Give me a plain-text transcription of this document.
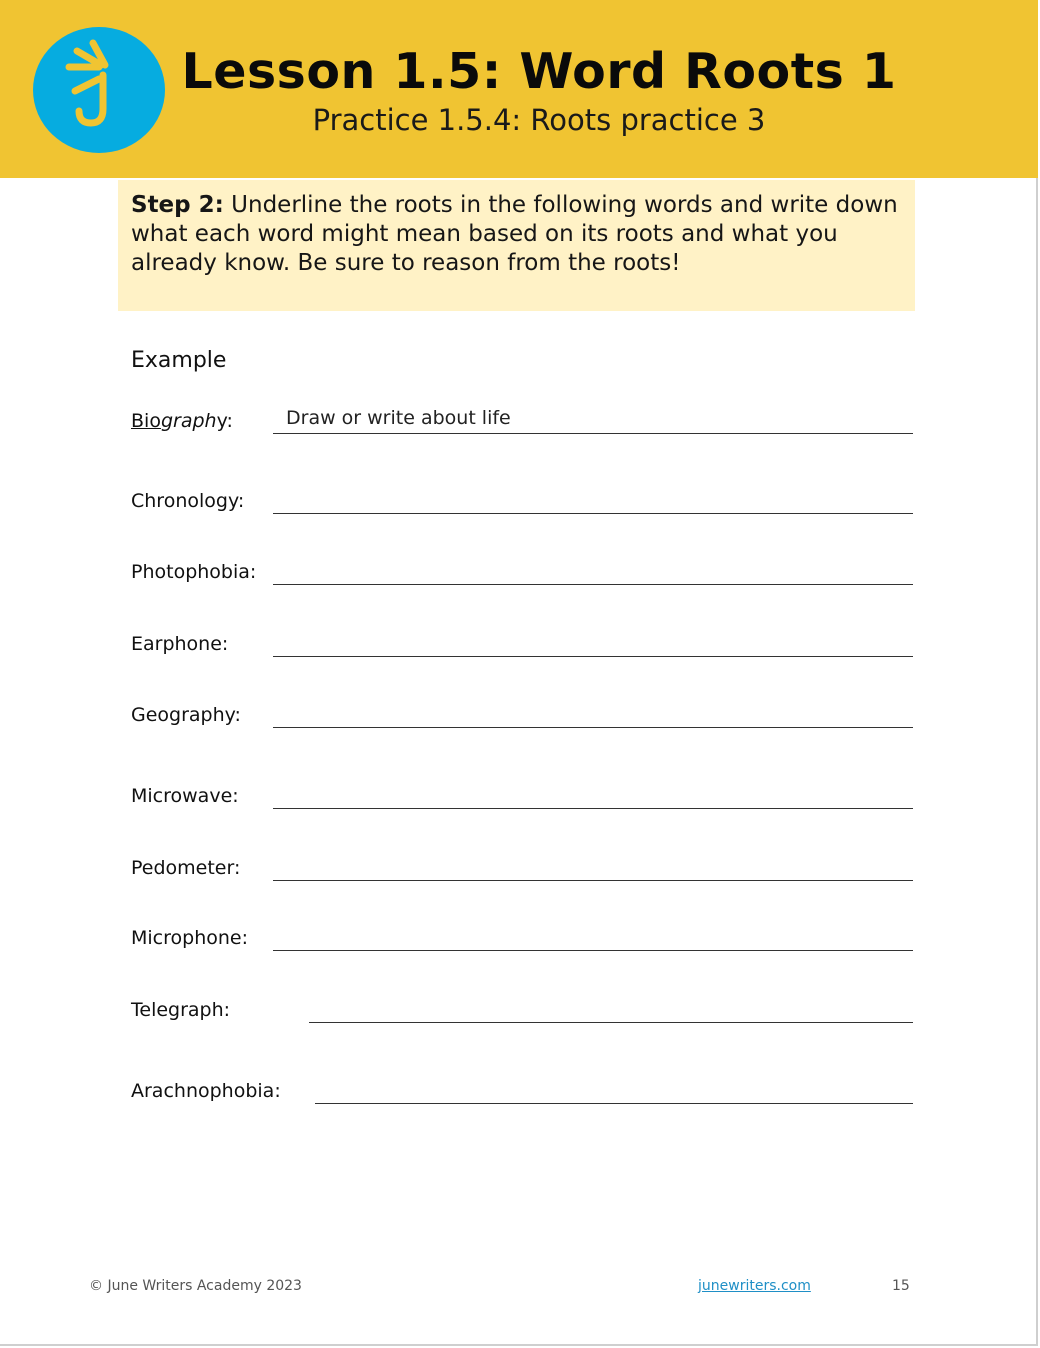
Lesson 1.5: Word Roots 1
Practice 1.5.4: Roots practice 3
Step 2: Underline the roots in the following words and write down what each word might mean based on its roots and what you already know. Be sure to reason from the roots!
Example
Biography:	Draw or write about life
Chronology:
Photophobia:
Earphone:
Geography:
Microwave:
Pedometer:
Microphone:
Telegraph:
Arachnophobia:
© June Writers Academy 2023	junewriters.com	15
